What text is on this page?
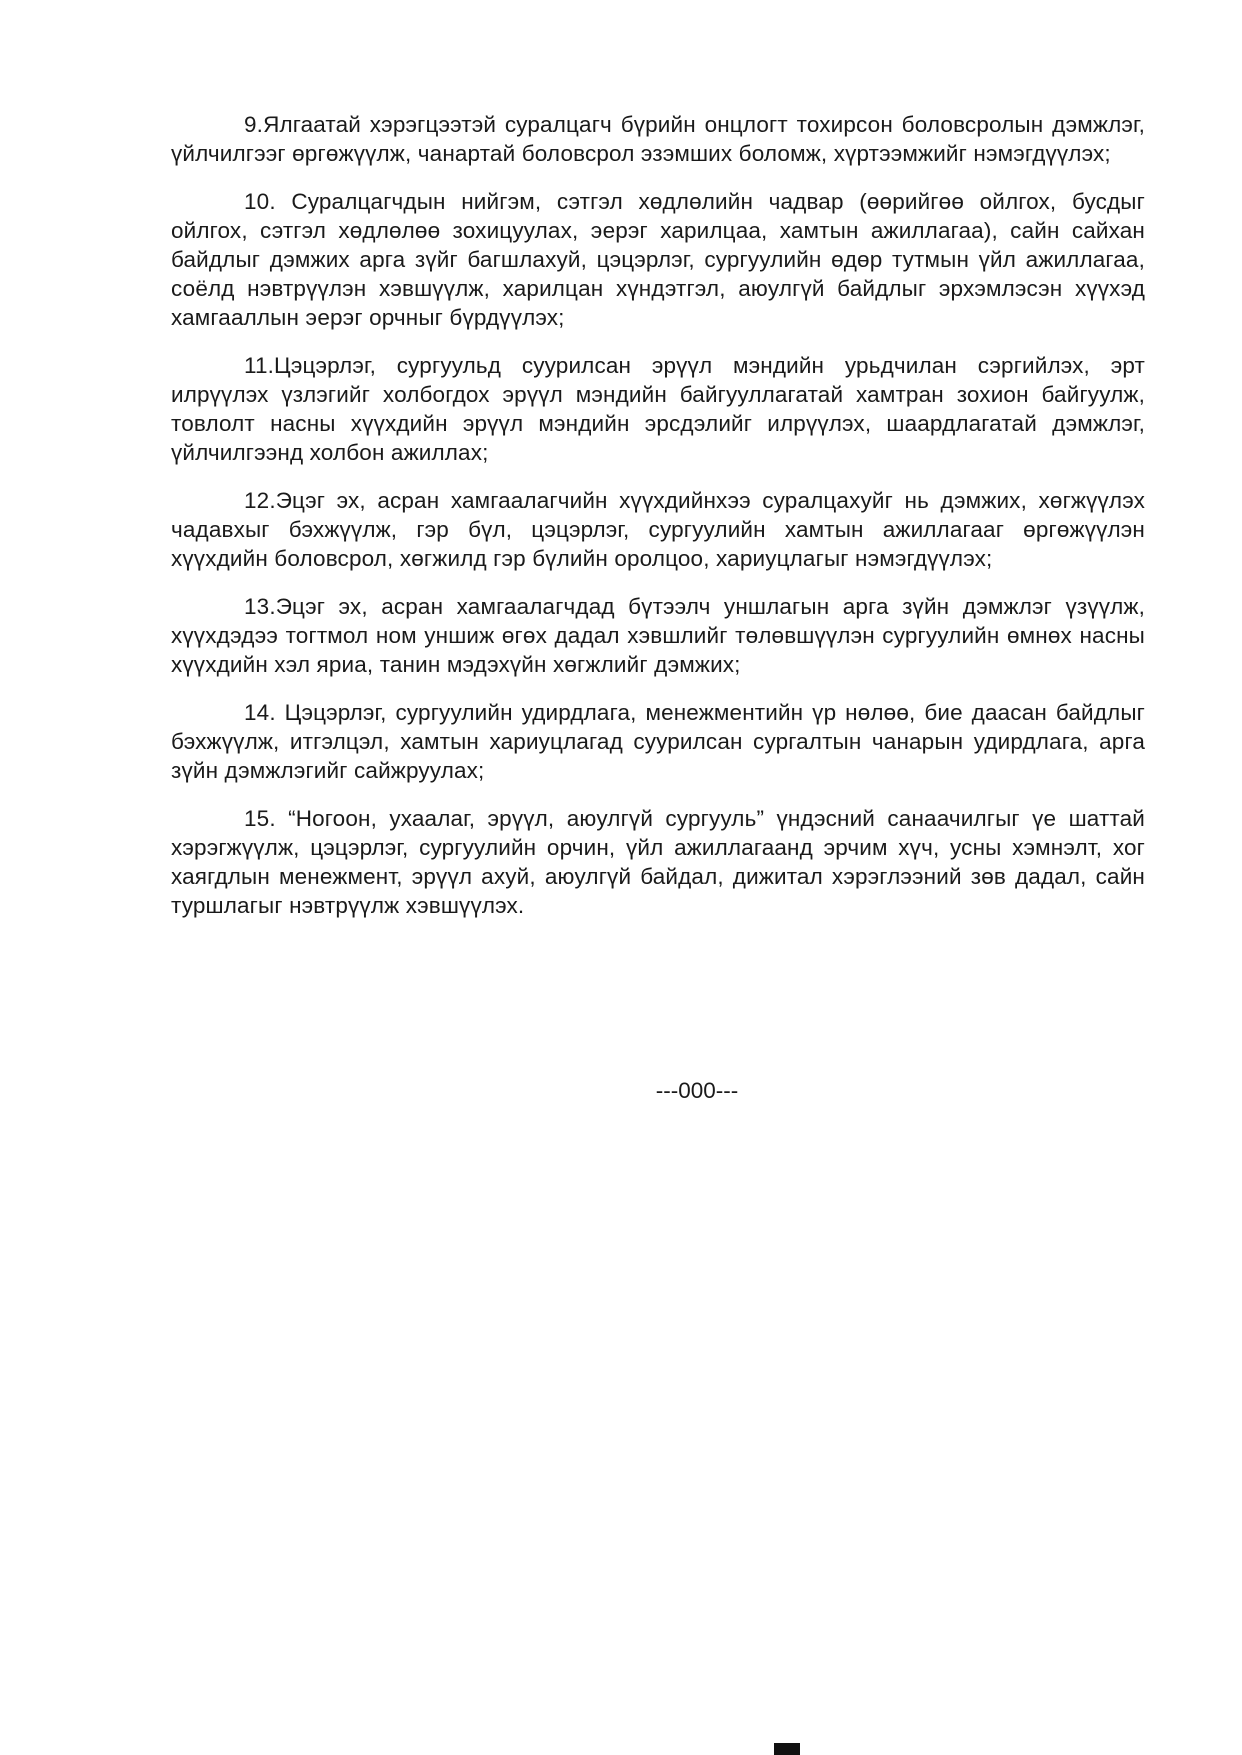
9.Ялгаатай хэрэгцээтэй суралцагч бүрийн онцлогт тохирсон боловсролын дэмжлэг, үйлчилгээг өргөжүүлж, чанартай боловсрол эзэмших боломж, хүртээмжийг нэмэгдүүлэх;

10. Суралцагчдын нийгэм, сэтгэл хөдлөлийн чадвар (өөрийгөө ойлгох, бусдыг ойлгох, сэтгэл хөдлөлөө зохицуулах, эерэг харилцаа, хамтын ажиллагаа), сайн сайхан байдлыг дэмжих арга зүйг багшлахуй, цэцэрлэг, сургуулийн өдөр тутмын үйл ажиллагаа, соёлд нэвтрүүлэн хэвшүүлж, харилцан хүндэтгэл, аюулгүй байдлыг эрхэмлэсэн хүүхэд хамгааллын эерэг орчныг бүрдүүлэх;

11.Цэцэрлэг, сургуульд суурилсан эрүүл мэндийн урьдчилан сэргийлэх, эрт илрүүлэх үзлэгийг холбогдох эрүүл мэндийн байгууллагатай хамтран зохион байгуулж, товлолт насны хүүхдийн эрүүл мэндийн эрсдэлийг илрүүлэх, шаардлагатай дэмжлэг, үйлчилгээнд холбон ажиллах;

12.Эцэг эх, асран хамгаалагчийн хүүхдийнхээ суралцахуйг нь дэмжих, хөгжүүлэх чадавхыг бэхжүүлж, гэр бүл, цэцэрлэг, сургуулийн хамтын ажиллагааг өргөжүүлэн хүүхдийн боловсрол, хөгжилд гэр бүлийн оролцоо, хариуцлагыг нэмэгдүүлэх;

13.Эцэг эх, асран хамгаалагчдад бүтээлч уншлагын арга зүйн дэмжлэг үзүүлж, хүүхдэдээ тогтмол ном уншиж өгөх дадал хэвшлийг төлөвшүүлэн сургуулийн өмнөх насны хүүхдийн хэл яриа, танин мэдэхүйн хөгжлийг дэмжих;

14. Цэцэрлэг, сургуулийн удирдлага, менежментийн үр нөлөө, бие даасан байдлыг бэхжүүлж, итгэлцэл, хамтын хариуцлагад суурилсан сургалтын чанарын удирдлага, арга зүйн дэмжлэгийг сайжруулах;

15. “Ногоон, ухаалаг, эрүүл, аюулгүй сургууль” үндэсний санаачилгыг үе шаттай хэрэгжүүлж, цэцэрлэг, сургуулийн орчин, үйл ажиллагаанд эрчим хүч, усны хэмнэлт, хог хаягдлын менежмент, эрүүл ахуй, аюулгүй байдал, дижитал хэрэглээний зөв дадал, сайн туршлагыг нэвтрүүлж хэвшүүлэх.

---000---
